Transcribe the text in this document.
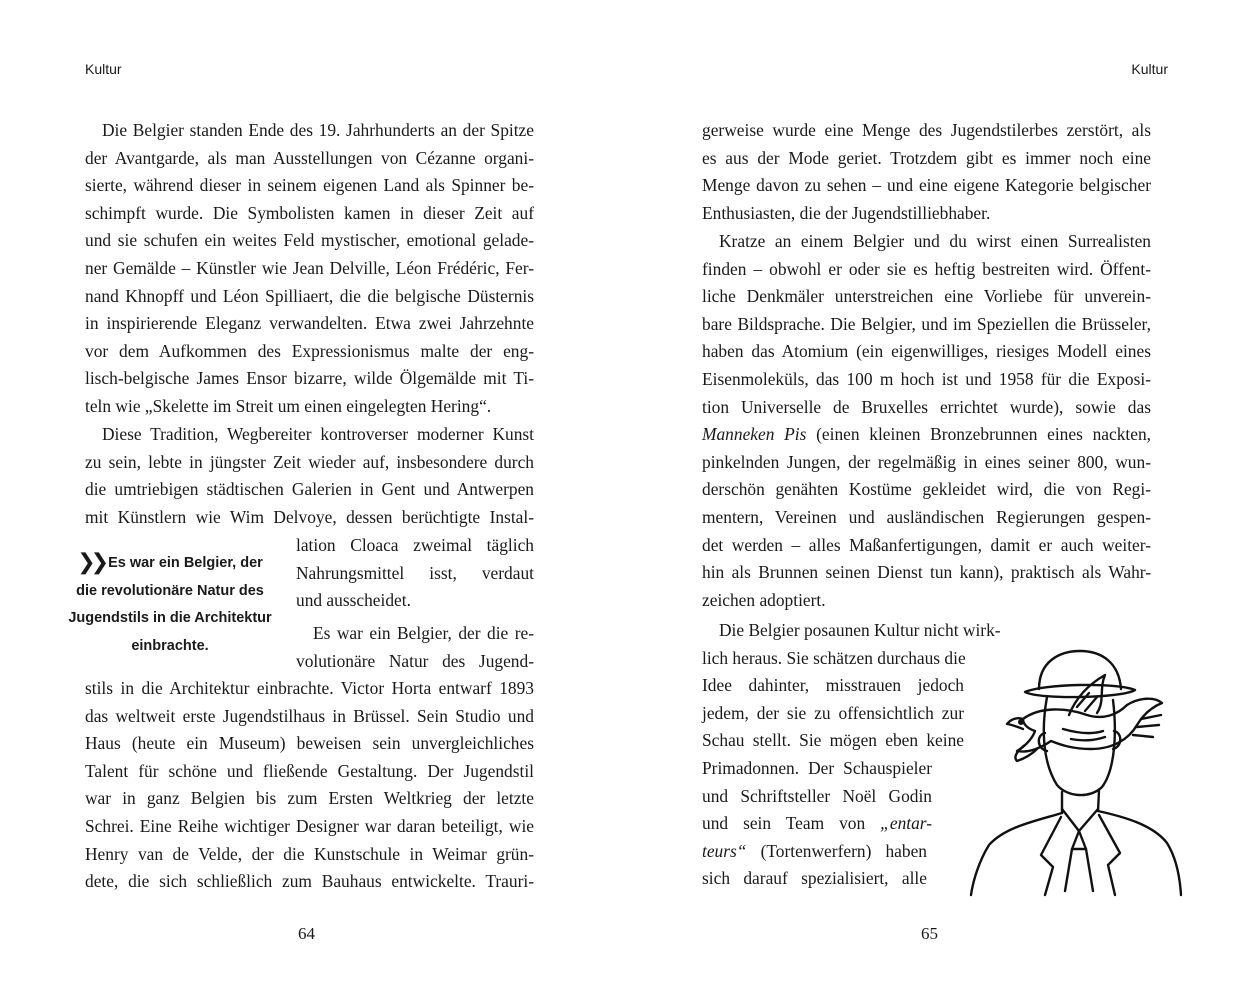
Kultur
Die Belgier standen Ende des 19. Jahrhunderts an der Spitze
der Avantgarde, als man Ausstellungen von Cézanne organi-
sierte, während dieser in seinem eigenen Land als Spinner be-
schimpft wurde. Die Symbolisten kamen in dieser Zeit auf
und sie schufen ein weites Feld mystischer, emotional gelade-
ner Gemälde – Künstler wie Jean Delville, Léon Frédéric, Fer-
nand Khnopff und Léon Spilliaert, die die belgische Düsternis
in inspirierende Eleganz verwandelten. Etwa zwei Jahrzehnte
vor dem Aufkommen des Expressionismus malte der eng-
lisch-belgische James Ensor bizarre, wilde Ölgemälde mit Ti-
teln wie „Skelette im Streit um einen eingelegten Hering“.
Diese Tradition, Wegbereiter kontroverser moderner Kunst
zu sein, lebte in jüngster Zeit wieder auf, insbesondere durch
die umtriebigen städtischen Galerien in Gent und Antwerpen
mit Künstlern wie Wim Delvoye, dessen berüchtigte Instal-
lation Cloaca zweimal täglich
Nahrungsmittel isst, verdaut
und ausscheidet.
❯❯ Es war ein Belgier, der
die revolutionäre Natur des
Jugendstils in die Architektur
einbrachte.
Es war ein Belgier, der die re-
volutionäre Natur des Jugend-
stils in die Architektur einbrachte. Victor Horta entwarf 1893
das weltweit erste Jugendstilhaus in Brüssel. Sein Studio und
Haus (heute ein Museum) beweisen sein unvergleichliches
Talent für schöne und fließende Gestaltung. Der Jugendstil
war in ganz Belgien bis zum Ersten Weltkrieg der letzte
Schrei. Eine Reihe wichtiger Designer war daran beteiligt, wie
Henry van de Velde, der die Kunstschule in Weimar grün-
dete, die sich schließlich zum Bauhaus entwickelte. Trauri-
64
Kultur
gerweise wurde eine Menge des Jugendstilerbes zerstört, als
es aus der Mode geriet. Trotzdem gibt es immer noch eine
Menge davon zu sehen – und eine eigene Kategorie belgischer
Enthusiasten, die der Jugendstilliebhaber.
Kratze an einem Belgier und du wirst einen Surrealisten
finden – obwohl er oder sie es heftig bestreiten wird. Öffent-
liche Denkmäler unterstreichen eine Vorliebe für unverein-
bare Bildsprache. Die Belgier, und im Speziellen die Brüsseler,
haben das Atomium (ein eigenwilliges, riesiges Modell eines
Eisenmoleküls, das 100 m hoch ist und 1958 für die Exposi-
tion Universelle de Bruxelles errichtet wurde), sowie das
Manneken Pis (einen kleinen Bronzebrunnen eines nackten,
pinkelnden Jungen, der regelmäßig in eines seiner 800, wun-
derschön genähten Kostüme gekleidet wird, die von Regi-
mentern, Vereinen und ausländischen Regierungen gespen-
det werden – alles Maßanfertigungen, damit er auch weiter-
hin als Brunnen seinen Dienst tun kann), praktisch als Wahr-
zeichen adoptiert.
Die Belgier posaunen Kultur nicht wirk-
lich heraus. Sie schätzen durchaus die
Idee dahinter, misstrauen jedoch
jedem, der sie zu offensichtlich zur
Schau stellt. Sie mögen eben keine
Primadonnen. Der Schauspieler
und Schriftsteller Noël Godin
und sein Team von „entar-
teurs“ (Tortenwerfern) haben
sich darauf spezialisiert, alle
65
